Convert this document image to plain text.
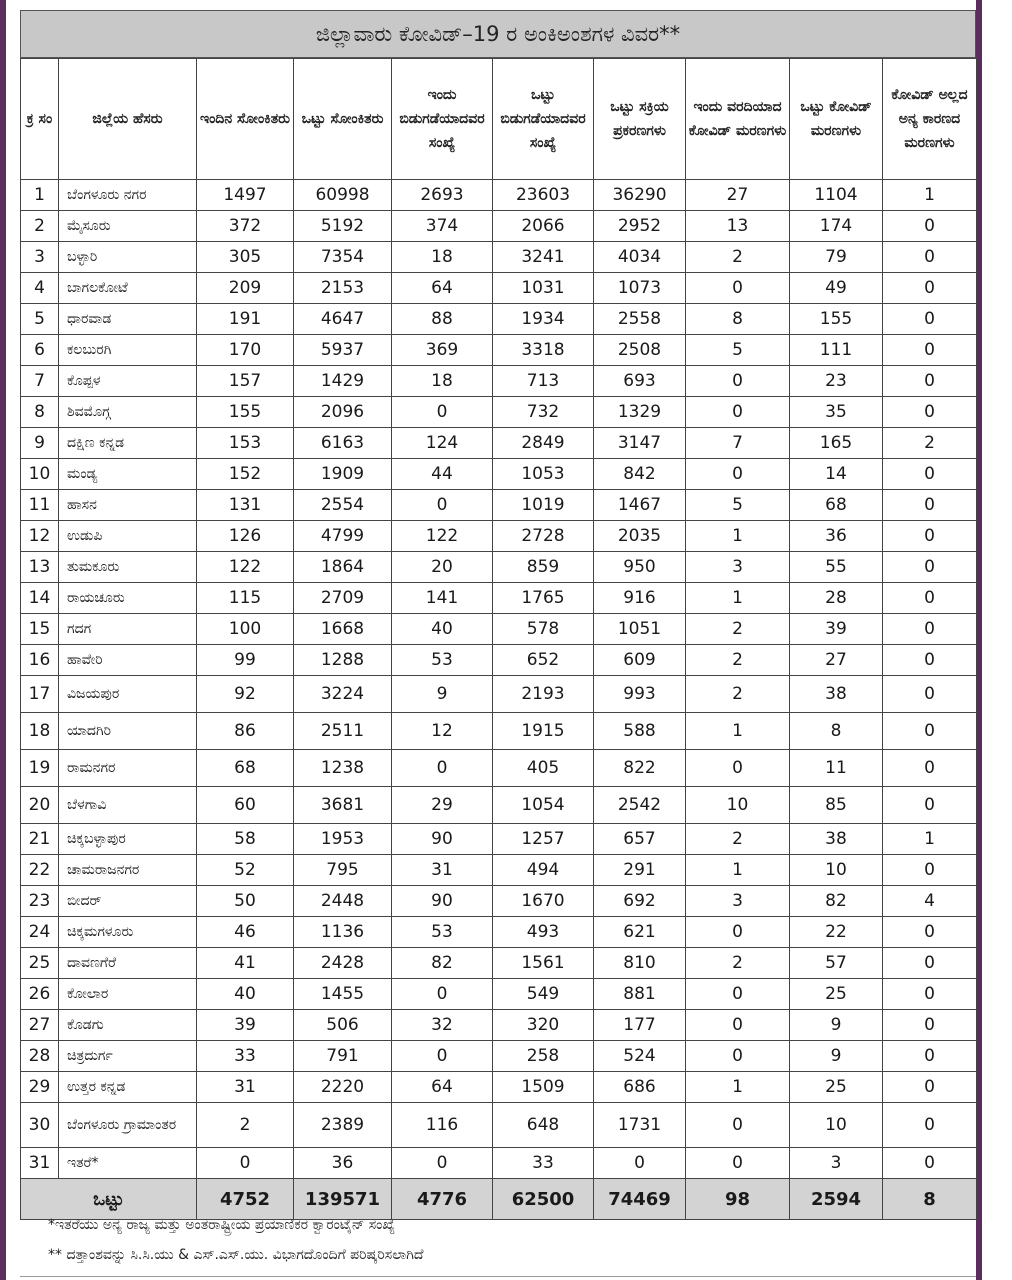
ಜಿಲ್ಲಾವಾರು ಕೋವಿಡ್–19 ರ ಅಂಕಿಅಂಶಗಳ ವಿವರ**
ಕ್ರ ಸಂ	ಜಿಲ್ಲೆಯ ಹೆಸರು	ಇಂದಿನ ಸೋಂಕಿತರು	ಒಟ್ಟು ಸೋಂಕಿತರು	ಇಂದು ಬಿಡುಗಡೆಯಾದವರ ಸಂಖ್ಯೆ	ಒಟ್ಟು ಬಿಡುಗಡೆಯಾದವರ ಸಂಖ್ಯೆ	ಒಟ್ಟು ಸಕ್ರಿಯ ಪ್ರಕರಣಗಳು	ಇಂದು ವರದಿಯಾದ ಕೋವಿಡ್ ಮರಣಗಳು	ಒಟ್ಟು ಕೋವಿಡ್ ಮರಣಗಳು	ಕೋವಿಡ್ ಅಲ್ಲದ ಅನ್ಯ ಕಾರಣದ ಮರಣಗಳು
1	ಬೆಂಗಳೂರು ನಗರ	1497	60998	2693	23603	36290	27	1104	1
2	ಮೈಸೂರು	372	5192	374	2066	2952	13	174	0
3	ಬಳ್ಳಾರಿ	305	7354	18	3241	4034	2	79	0
4	ಬಾಗಲಕೋಟೆ	209	2153	64	1031	1073	0	49	0
5	ಧಾರವಾಡ	191	4647	88	1934	2558	8	155	0
6	ಕಲಬುರಗಿ	170	5937	369	3318	2508	5	111	0
7	ಕೊಪ್ಪಳ	157	1429	18	713	693	0	23	0
8	ಶಿವಮೊಗ್ಗ	155	2096	0	732	1329	0	35	0
9	ದಕ್ಷಿಣ ಕನ್ನಡ	153	6163	124	2849	3147	7	165	2
10	ಮಂಡ್ಯ	152	1909	44	1053	842	0	14	0
11	ಹಾಸನ	131	2554	0	1019	1467	5	68	0
12	ಉಡುಪಿ	126	4799	122	2728	2035	1	36	0
13	ತುಮಕೂರು	122	1864	20	859	950	3	55	0
14	ರಾಯಚೂರು	115	2709	141	1765	916	1	28	0
15	ಗದಗ	100	1668	40	578	1051	2	39	0
16	ಹಾವೇರಿ	99	1288	53	652	609	2	27	0
17	ವಿಜಯಪುರ	92	3224	9	2193	993	2	38	0
18	ಯಾದಗಿರಿ	86	2511	12	1915	588	1	8	0
19	ರಾಮನಗರ	68	1238	0	405	822	0	11	0
20	ಬೆಳಗಾವಿ	60	3681	29	1054	2542	10	85	0
21	ಚಿಕ್ಕಬಳ್ಳಾಪುರ	58	1953	90	1257	657	2	38	1
22	ಚಾಮರಾಜನಗರ	52	795	31	494	291	1	10	0
23	ಬೀದರ್	50	2448	90	1670	692	3	82	4
24	ಚಿಕ್ಕಮಗಳೂರು	46	1136	53	493	621	0	22	0
25	ದಾವಣಗೆರೆ	41	2428	82	1561	810	2	57	0
26	ಕೋಲಾರ	40	1455	0	549	881	0	25	0
27	ಕೊಡಗು	39	506	32	320	177	0	9	0
28	ಚಿತ್ರದುರ್ಗ	33	791	0	258	524	0	9	0
29	ಉತ್ತರ ಕನ್ನಡ	31	2220	64	1509	686	1	25	0
30	ಬೆಂಗಳೂರು ಗ್ರಾಮಾಂತರ	2	2389	116	648	1731	0	10	0
31	ಇತರೆ*	0	36	0	33	0	0	3	0
ಒಟ್ಟು		4752	139571	4776	62500	74469	98	2594	8
*ಇತರೆಯು ಅನ್ಯ ರಾಜ್ಯ ಮತ್ತು ಅಂತರಾಷ್ಟ್ರೀಯ ಪ್ರಯಾಣಿಕರ ಕ್ವಾರಂಟೈನ್ ಸಂಖ್ಯೆ
** ದತ್ತಾಂಶವನ್ನು ಸಿ.ಸಿ.ಯು & ಎಸ್.ಎಸ್.ಯು. ವಿಭಾಗದೊಂದಿಗೆ ಪರಿಷ್ಕರಿಸಲಾಗಿದೆ
